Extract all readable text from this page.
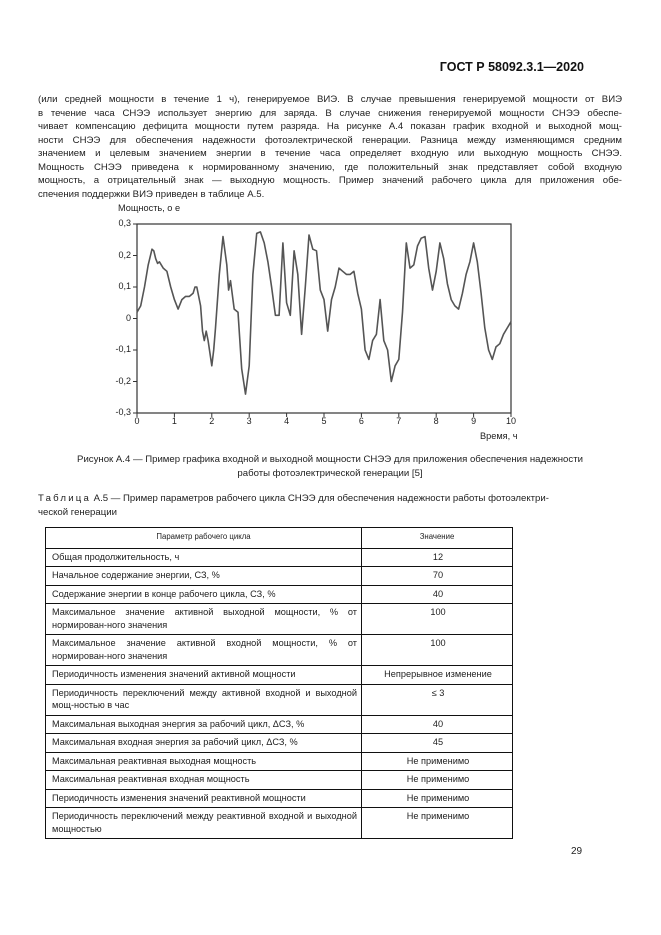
ГОСТ Р 58092.3.1—2020
(или средней мощности в течение 1 ч), генерируемое ВИЭ. В случае превышения генерируемой мощности от ВИЭ
в течение часа СНЭЭ использует энергию для заряда. В случае снижения генерируемой мощности СНЭЭ обеспе-
чивает компенсацию дефицита мощности путем разряда. На рисунке А.4 показан график входной и выходной мощ-
ности СНЭЭ для обеспечения надежности фотоэлектрической генерации. Разница между изменяющимся средним
значением и целевым значением энергии в течение часа определяет входную или выходную мощность СНЭЭ.
Мощность СНЭЭ приведена к нормированному значению, где положительный знак представляет собой входную
мощность, а отрицательный знак — выходную мощность. Пример значений рабочего цикла для приложения обе-
спечения поддержки ВИЭ приведен в таблице А.5.
Мощность, о е
0,3
0,2
0,1
0
-0,1
-0,2
-0,3
0	1	2	3	4	5	6	7	8	9	10
Время, ч
Рисунок А.4 — Пример графика входной и выходной мощности СНЭЭ для приложения обеспечения надежности
работы фотоэлектрической генерации [5]
Таблица А.5 — Пример параметров рабочего цикла СНЭЭ для обеспечения надежности работы фотоэлектри-
ческой генерации
Параметр рабочего цикла	Значение
Общая продолжительность, ч	12
Начальное содержание энергии, СЗ, %	70
Содержание энергии в конце рабочего цикла, СЗ, %	40
Максимальное значение активной выходной мощности, % от нормирован-ного значения	100
Максимальное значение активной входной мощности, % от нормирован-ного значения	100
Периодичность изменения значений активной мощности	Непрерывное изменение
Периодичность переключений между активной входной и выходной мощ-ностью в час	≤ 3
Максимальная выходная энергия за рабочий цикл, ΔСЗ, %	40
Максимальная входная энергия за рабочий цикл, ΔСЗ, %	45
Максимальная реактивная выходная мощность	Не применимо
Максимальная реактивная входная мощность	Не применимо
Периодичность изменения значений реактивной мощности	Не применимо
Периодичность переключений между реактивной входной и выходной мощностью	Не применимо
29
